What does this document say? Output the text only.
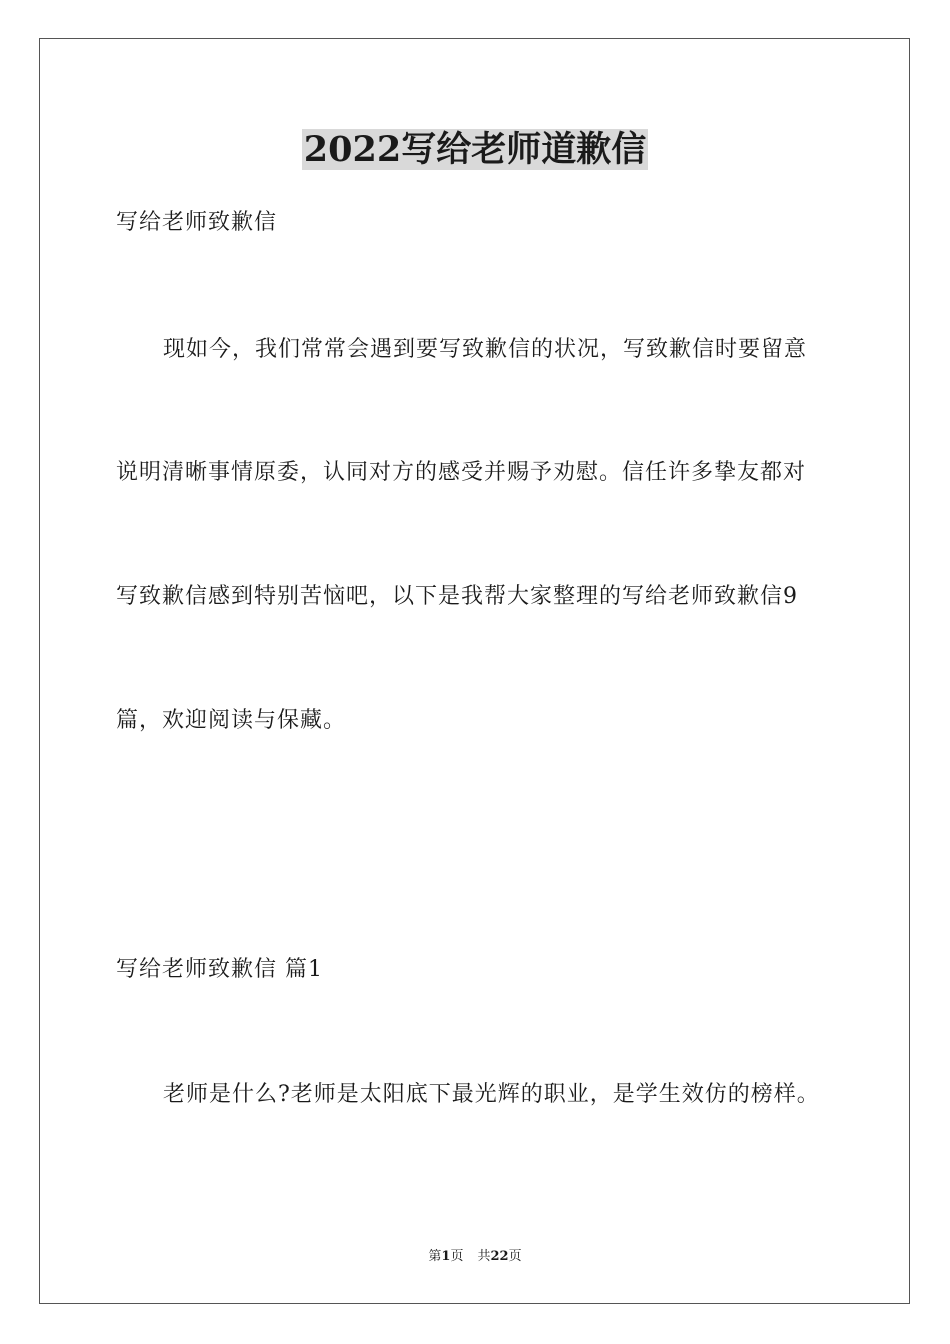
2022写给老师道歉信
写给老师致歉信
现如今，我们常常会遇到要写致歉信的状况，写致歉信时要留意
说明清晰事情原委，认同对方的感受并赐予劝慰。信任许多挚友都对
写致歉信感到特别苦恼吧，以下是我帮大家整理的写给老师致歉信9
篇，欢迎阅读与保藏。
写给老师致歉信 篇1
老师是什么?老师是太阳底下最光辉的职业，是学生效仿的榜样。
第1页 共22页
